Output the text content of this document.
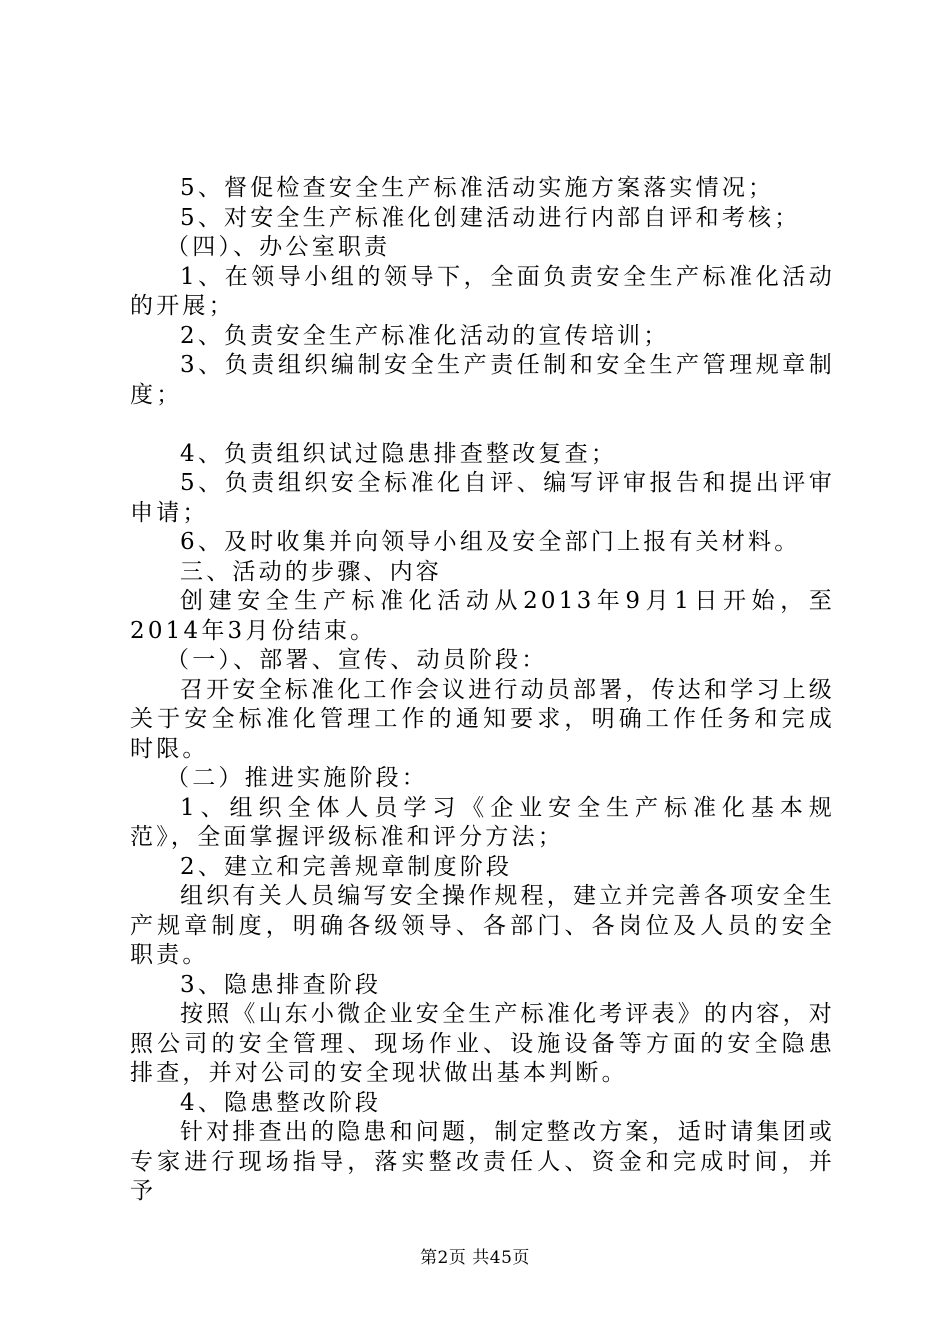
5、督促检查安全生产标准活动实施方案落实情况；

5、对安全生产标准化创建活动进行内部自评和考核；

（四）、办公室职责

1、在领导小组的领导下，全面负责安全生产标准化活动的开展；

2、负责安全生产标准化活动的宣传培训；

3、负责组织编制安全生产责任制和安全生产管理规章制度；

4、负责组织试过隐患排查整改复查；

5、负责组织安全标准化自评、编写评审报告和提出评审申请；

6、及时收集并向领导小组及安全部门上报有关材料。

三、活动的步骤、内容

创建安全生产标准化活动从2013年9月1日开始，至2014年3月份结束。

（一）、部署、宣传、动员阶段：

召开安全标准化工作会议进行动员部署，传达和学习上级关于安全标准化管理工作的通知要求，明确工作任务和完成时限。

（二）推进实施阶段：

1、组织全体人员学习《企业安全生产标准化基本规范》，全面掌握评级标准和评分方法；

2、建立和完善规章制度阶段

组织有关人员编写安全操作规程，建立并完善各项安全生产规章制度，明确各级领导、各部门、各岗位及人员的安全职责。

3、隐患排查阶段

按照《山东小微企业安全生产标准化考评表》的内容，对照公司的安全管理、现场作业、设施设备等方面的安全隐患排查，并对公司的安全现状做出基本判断。

4、隐患整改阶段

针对排查出的隐患和问题，制定整改方案，适时请集团或专家进行现场指导，落实整改责任人、资金和完成时间，并予

第2页 共45页
